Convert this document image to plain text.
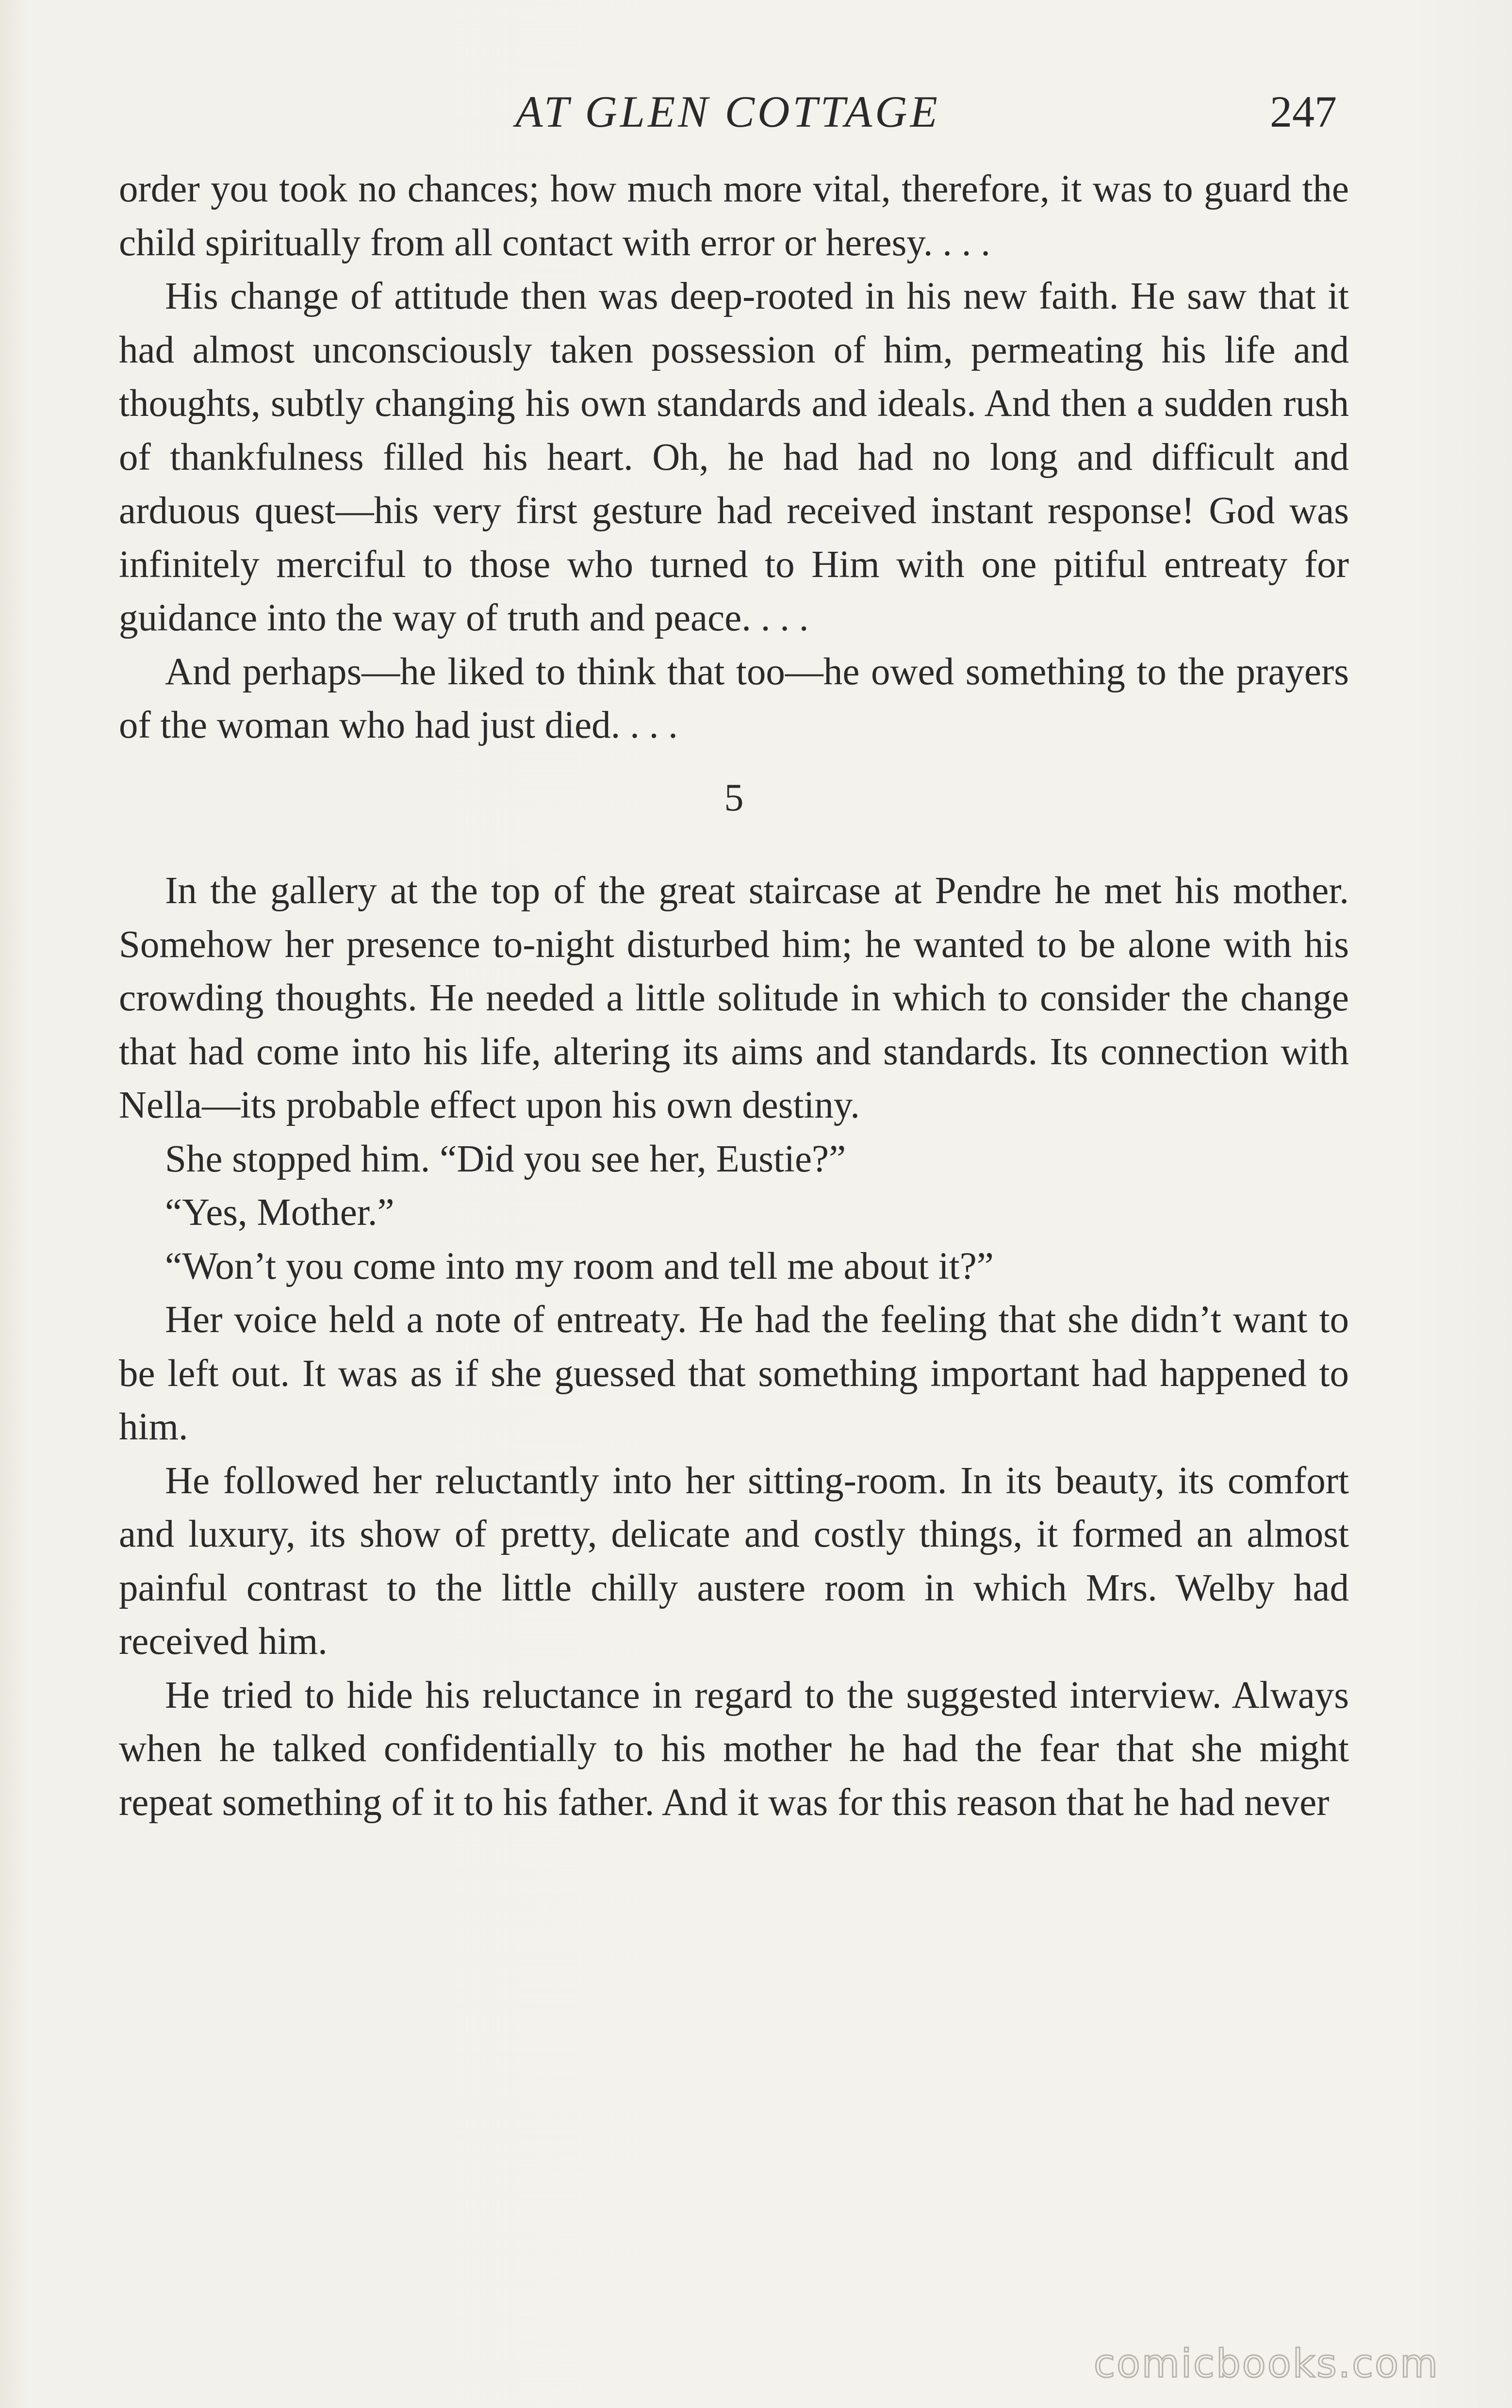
AT GLEN COTTAGE	247

order you took no chances; how much more vital, therefore, it was to guard the child spiritually from all contact with error or heresy. . . .

His change of attitude then was deep-rooted in his new faith. He saw that it had almost unconsciously taken possession of him, permeating his life and thoughts, subtly changing his own standards and ideals. And then a sudden rush of thankfulness filled his heart. Oh, he had had no long and difficult and arduous quest—his very first gesture had received instant response! God was infinitely merciful to those who turned to Him with one pitiful entreaty for guidance into the way of truth and peace. . . .

And perhaps—he liked to think that too—he owed something to the prayers of the woman who had just died. . . .

5

In the gallery at the top of the great staircase at Pendre he met his mother. Somehow her presence to-night disturbed him; he wanted to be alone with his crowding thoughts. He needed a little solitude in which to consider the change that had come into his life, altering its aims and standards. Its connection with Nella—its probable effect upon his own destiny.

She stopped him. “Did you see her, Eustie?”

“Yes, Mother.”

“Won’t you come into my room and tell me about it?”

Her voice held a note of entreaty. He had the feeling that she didn’t want to be left out. It was as if she guessed that something important had happened to him.

He followed her reluctantly into her sitting-room. In its beauty, its comfort and luxury, its show of pretty, delicate and costly things, it formed an almost painful contrast to the little chilly austere room in which Mrs. Welby had received him.

He tried to hide his reluctance in regard to the suggested interview. Always when he talked confidentially to his mother he had the fear that she might repeat something of it to his father. And it was for this reason that he had never

comicbooks.com
